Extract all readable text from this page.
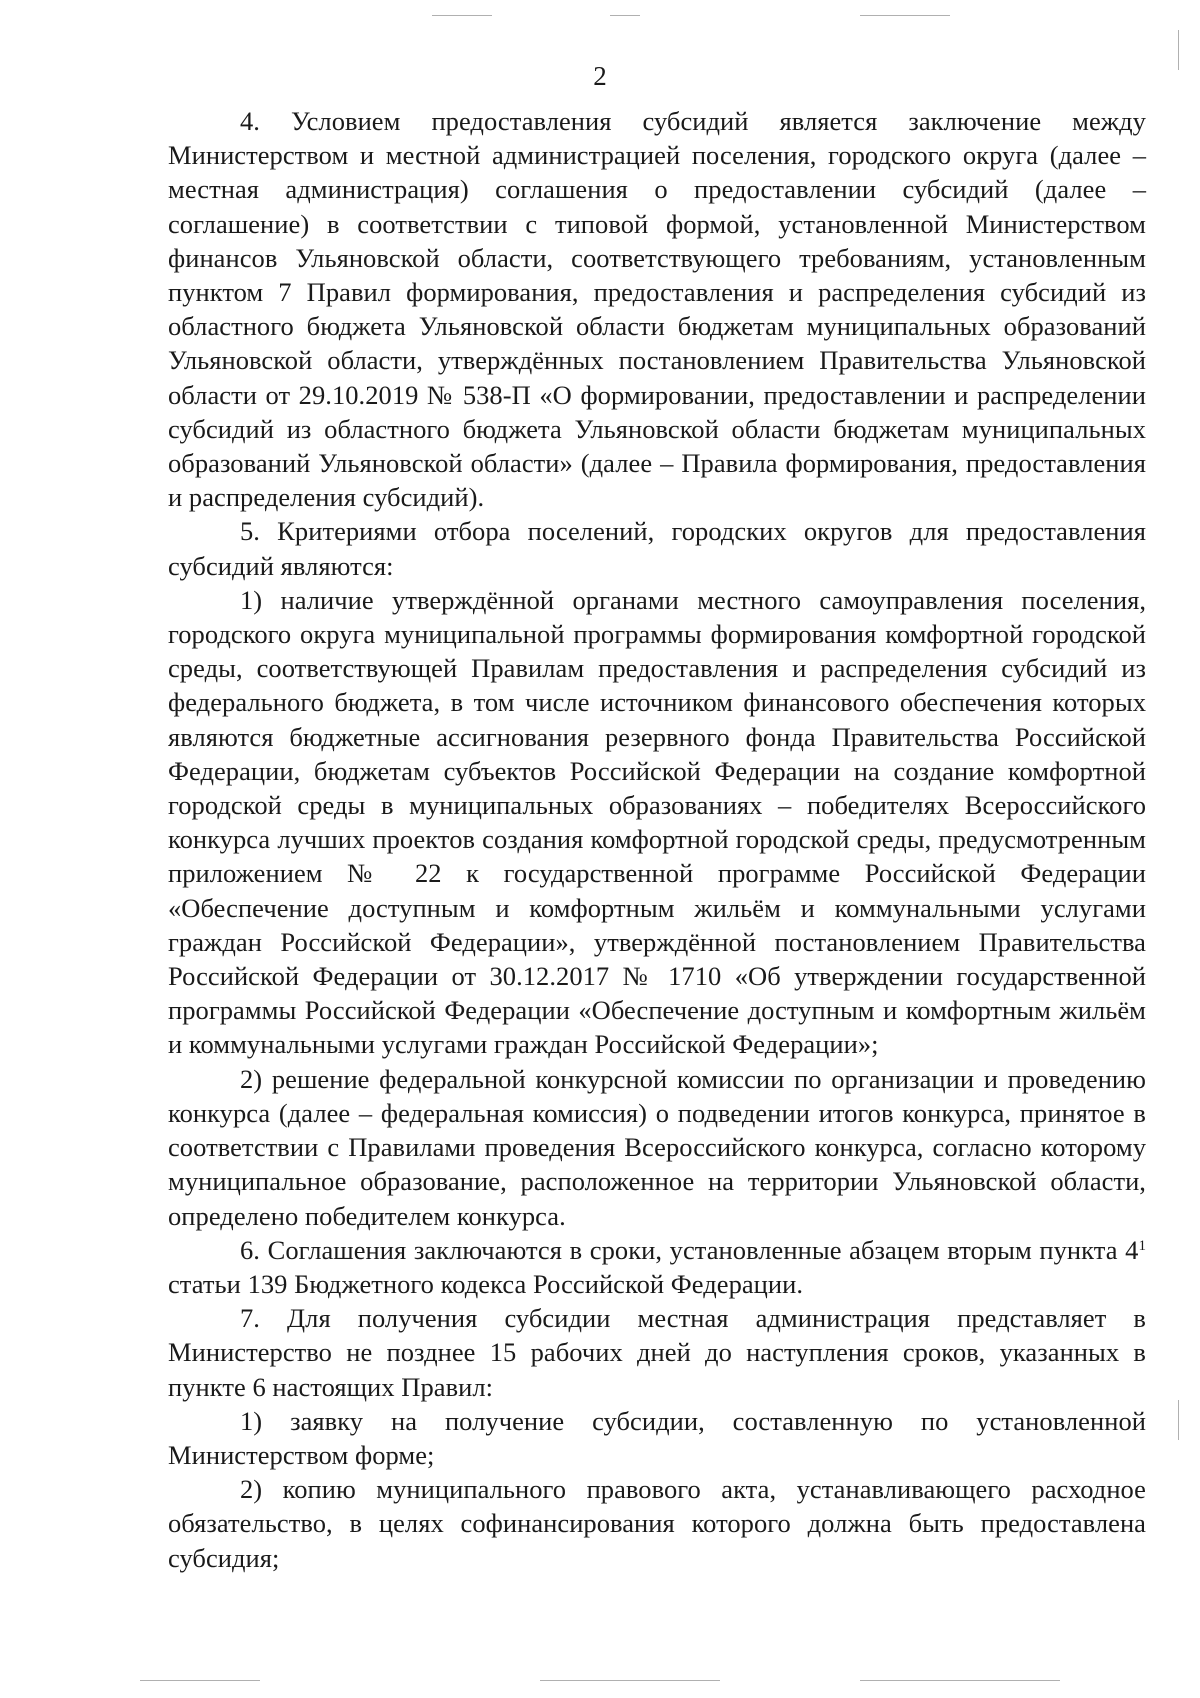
2

4. Условием предоставления субсидий является заключение между Министерством и местной администрацией поселения, городского округа (далее – местная администрация) соглашения о предоставлении субсидий (далее – соглашение) в соответствии с типовой формой, установленной Министерством финансов Ульяновской области, соответствующего требованиям, установленным пунктом 7 Правил формирования, предоставления и распределения субсидий из областного бюджета Ульяновской области бюджетам муниципальных образований Ульяновской области, утверждённых постановлением Правительства Ульяновской области от 29.10.2019 № 538-П «О формировании, предоставлении и распределении субсидий из областного бюджета Ульяновской области бюджетам муниципальных образований Ульяновской области» (далее – Правила формирования, предоставления и распределения субсидий).

5. Критериями отбора поселений, городских округов для предоставления субсидий являются:

1) наличие утверждённой органами местного самоуправления поселения, городского округа муниципальной программы формирования комфортной городской среды, соответствующей Правилам предоставления и распределения субсидий из федерального бюджета, в том числе источником финансового обеспечения которых являются бюджетные ассигнования резервного фонда Правительства Российской Федерации, бюджетам субъектов Российской Федерации на создание комфортной городской среды в муниципальных образованиях – победителях Всероссийского конкурса лучших проектов создания комфортной городской среды, предусмотренным приложением № 22 к государственной программе Российской Федерации «Обеспечение доступным и комфортным жильём и коммунальными услугами граждан Российской Федерации», утверждённой постановлением Правительства Российской Федерации от 30.12.2017 № 1710 «Об утверждении государственной программы Российской Федерации «Обеспечение доступным и комфортным жильём и коммунальными услугами граждан Российской Федерации»;

2) решение федеральной конкурсной комиссии по организации и проведению конкурса (далее – федеральная комиссия) о подведении итогов конкурса, принятое в соответствии с Правилами проведения Всероссийского конкурса, согласно которому муниципальное образование, расположенное на территории Ульяновской области, определено победителем конкурса.

6. Соглашения заключаются в сроки, установленные абзацем вторым пункта $4^1$ статьи 139 Бюджетного кодекса Российской Федерации.

7. Для получения субсидии местная администрация представляет в Министерство не позднее 15 рабочих дней до наступления сроков, указанных в пункте 6 настоящих Правил:

1) заявку на получение субсидии, составленную по установленной Министерством форме;

2) копию муниципального правового акта, устанавливающего расходное обязательство, в целях софинансирования которого должна быть предоставлена субсидия;
